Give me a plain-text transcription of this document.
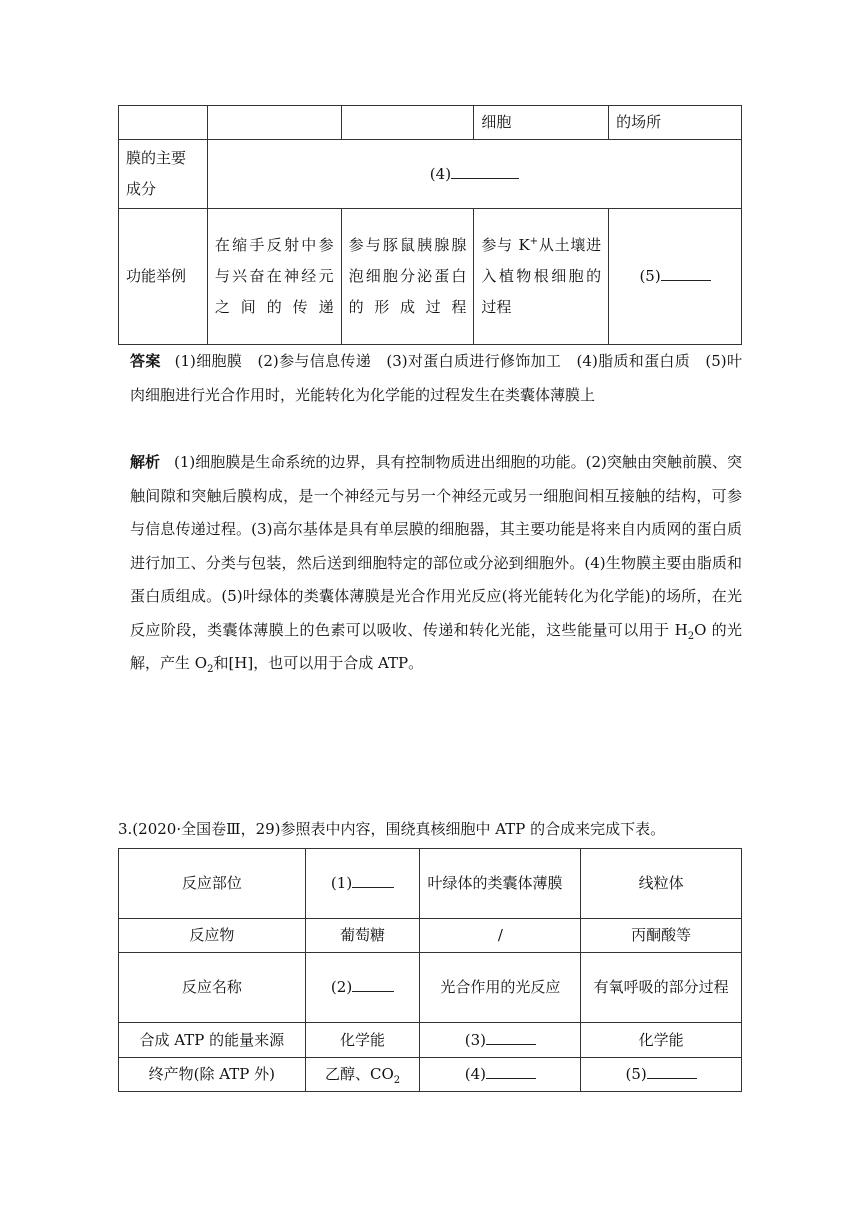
			细胞	的场所
膜的主要成分	(4)			
功能举例	在缩手反射中参与兴奋在神经元之间的传递	参与豚鼠胰腺腺泡细胞分泌蛋白的形成过程	参与 K+从土壤进入植物根细胞的过程	(5)
答案 (1)细胞膜　(2)参与信息传递　(3)对蛋白质进行修饰加工　(4)脂质和蛋白质　(5)叶肉细胞进行光合作用时，光能转化为化学能的过程发生在类囊体薄膜上
解析 (1)细胞膜是生命系统的边界，具有控制物质进出细胞的功能。(2)突触由突触前膜、突触间隙和突触后膜构成，是一个神经元与另一个神经元或另一细胞间相互接触的结构，可参与信息传递过程。(3)高尔基体是具有单层膜的细胞器，其主要功能是将来自内质网的蛋白质进行加工、分类与包装，然后送到细胞特定的部位或分泌到细胞外。(4)生物膜主要由脂质和蛋白质组成。(5)叶绿体的类囊体薄膜是光合作用光反应(将光能转化为化学能)的场所，在光反应阶段，类囊体薄膜上的色素可以吸收、传递和转化光能，这些能量可以用于 $H_2O$ 的光解，产生 $O_2$和[H]，也可以用于合成 ATP。
3.(2020·全国卷Ⅲ，29)参照表中内容，围绕真核细胞中 ATP 的合成来完成下表。
反应部位	(1)	叶绿体的类囊体薄膜	线粒体
反应物	葡萄糖	/	丙酮酸等
反应名称	(2)	光合作用的光反应	有氧呼吸的部分过程

合成 ATP 的能量来源	化学能	(3)	化学能
终产物(除 ATP 外)	乙醇、$CO_2$	(4)	(5)
